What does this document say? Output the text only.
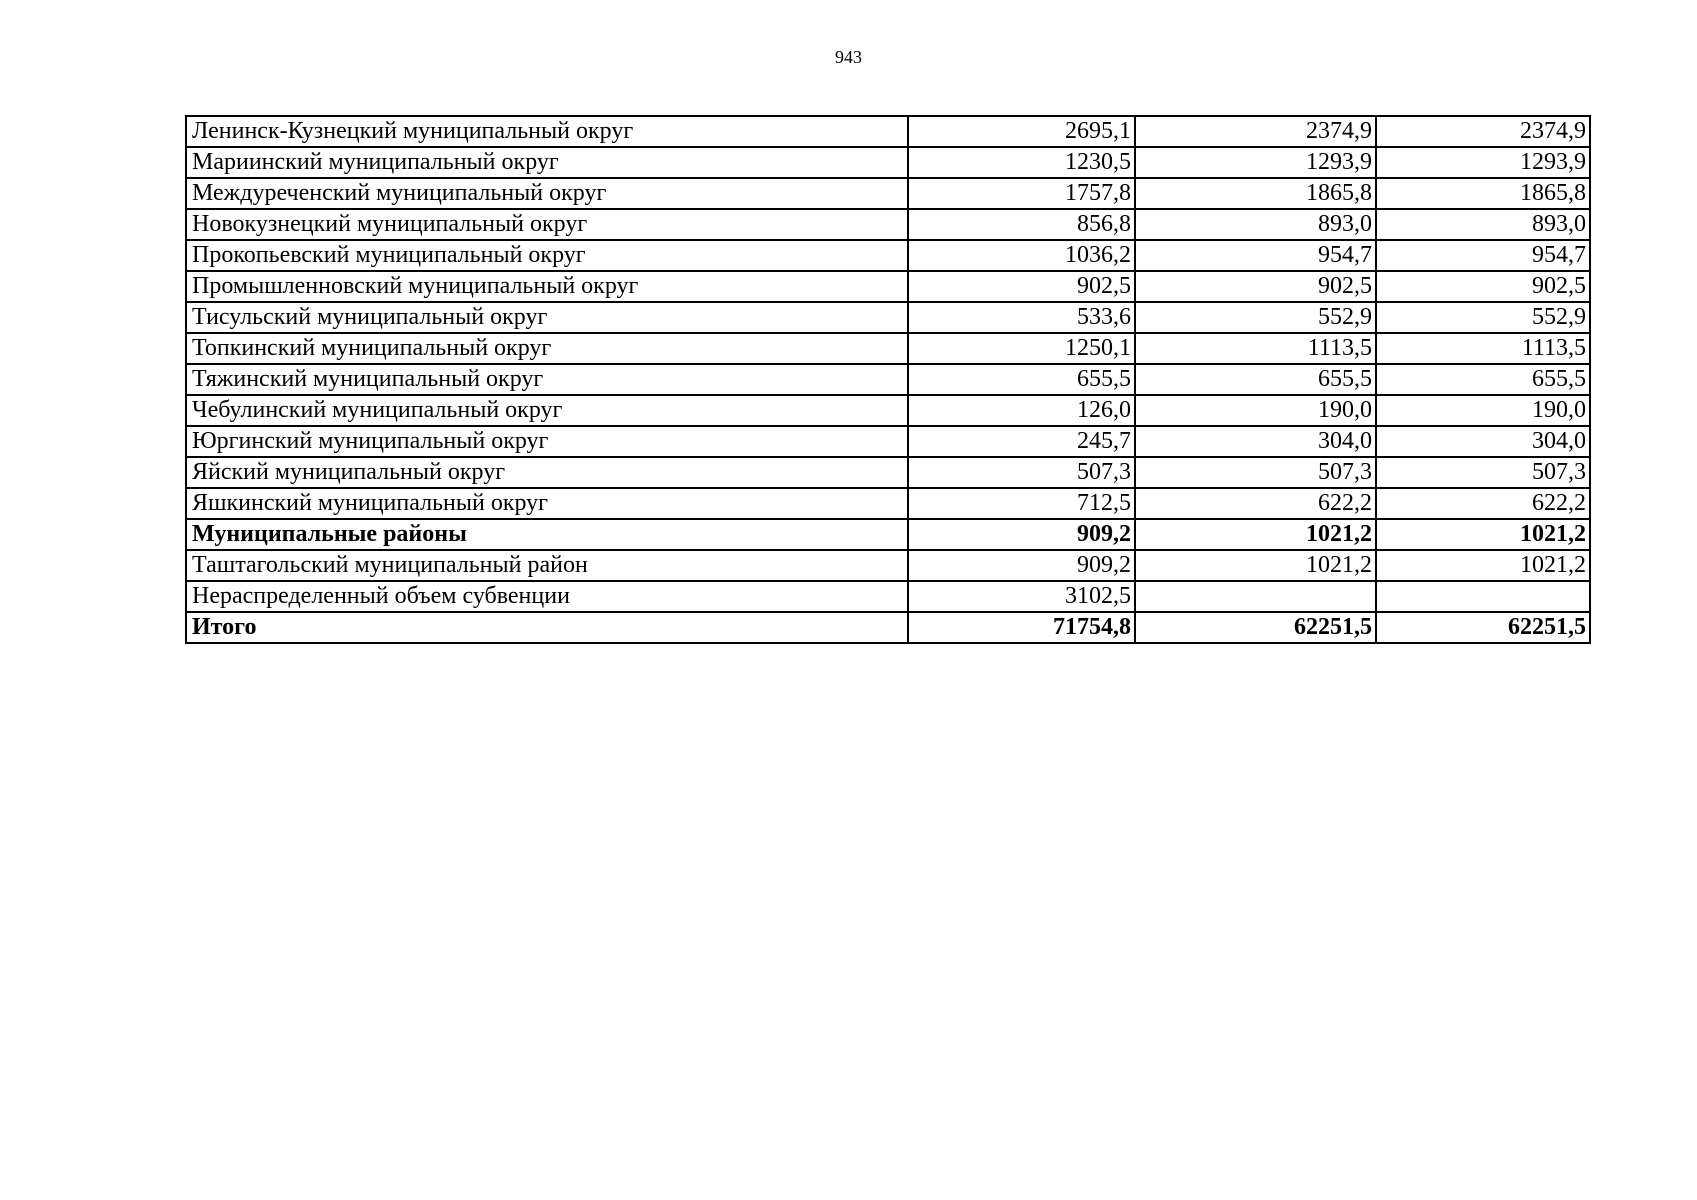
943
Ленинск-Кузнецкий муниципальный округ	2695,1	2374,9	2374,9
Мариинский муниципальный округ	1230,5	1293,9	1293,9
Междуреченский муниципальный округ	1757,8	1865,8	1865,8
Новокузнецкий муниципальный округ	856,8	893,0	893,0
Прокопьевский муниципальный округ	1036,2	954,7	954,7
Промышленновский муниципальный округ	902,5	902,5	902,5
Тисульский муниципальный округ	533,6	552,9	552,9
Топкинский муниципальный округ	1250,1	1113,5	1113,5
Тяжинский муниципальный округ	655,5	655,5	655,5
Чебулинский муниципальный округ	126,0	190,0	190,0
Юргинский муниципальный округ	245,7	304,0	304,0
Яйский муниципальный округ	507,3	507,3	507,3
Яшкинский муниципальный округ	712,5	622,2	622,2
Муниципальные районы	909,2	1021,2	1021,2
Таштагольский муниципальный район	909,2	1021,2	1021,2
Нераспределенный объем субвенции	3102,5		
Итого	71754,8	62251,5	62251,5
